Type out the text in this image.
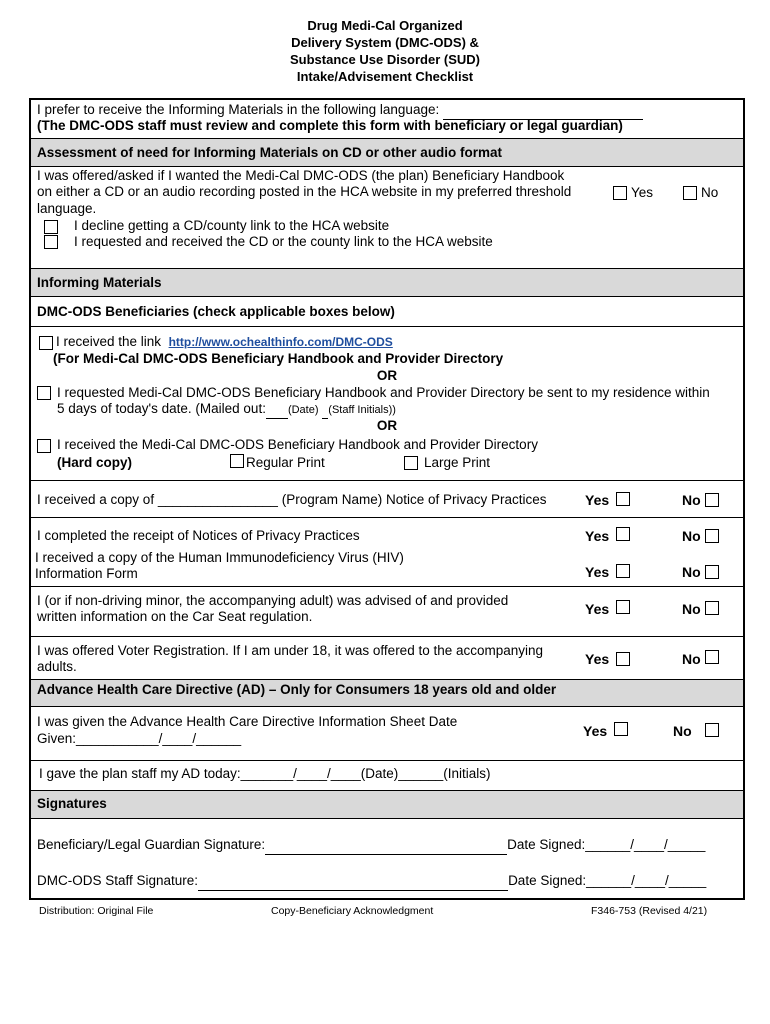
Drug Medi-Cal Organized
Delivery System (DMC-ODS) &
Substance Use Disorder (SUD)
Intake/Advisement Checklist
I prefer to receive the Informing Materials in the following language:
(The DMC-ODS staff must review and complete this form with beneficiary or legal guardian)
Assessment of need for Informing Materials on CD or other audio format
I was offered/asked if I wanted the Medi-Cal DMC-ODS (the plan) Beneficiary Handbook
on either a CD or an audio recording posted in the HCA website in my preferred threshold
language.
Yes	No
I decline getting a CD/county link to the HCA website
I requested and received the CD or the county link to the HCA website
Informing Materials
DMC-ODS Beneficiaries (check applicable boxes below)
I received the link http://www.ochealthinfo.com/DMC-ODS
(For Medi-Cal DMC-ODS Beneficiary Handbook and Provider Directory
OR
I requested Medi-Cal DMC-ODS Beneficiary Handbook and Provider Directory be sent to my residence within
5 days of today's date. (Mailed out: (Date) (Staff Initials))
OR
I received the Medi-Cal DMC-ODS Beneficiary Handbook and Provider Directory
(Hard copy)	Regular Print	Large Print
I received a copy of ________________ (Program Name) Notice of Privacy Practices	Yes	No
I completed the receipt of Notices of Privacy Practices	Yes	No
I received a copy of the Human Immunodeficiency Virus (HIV)
Information Form	Yes	No
I (or if non-driving minor, the accompanying adult) was advised of and provided
written information on the Car Seat regulation.	Yes	No
I was offered Voter Registration. If I am under 18, it was offered to the accompanying
adults.	Yes	No
Advance Health Care Directive (AD) – Only for Consumers 18 years old and older
I was given the Advance Health Care Directive Information Sheet Date
Given:___________/____/______	Yes	No
I gave the plan staff my AD today:_______/____/____(Date)______(Initials)
Signatures
Beneficiary/Legal Guardian Signature:	Date Signed:______/____/_____
DMC-ODS Staff Signature:	Date Signed:______/____/_____
Distribution: Original File	Copy-Beneficiary Acknowledgment	F346-753 (Revised 4/21)
